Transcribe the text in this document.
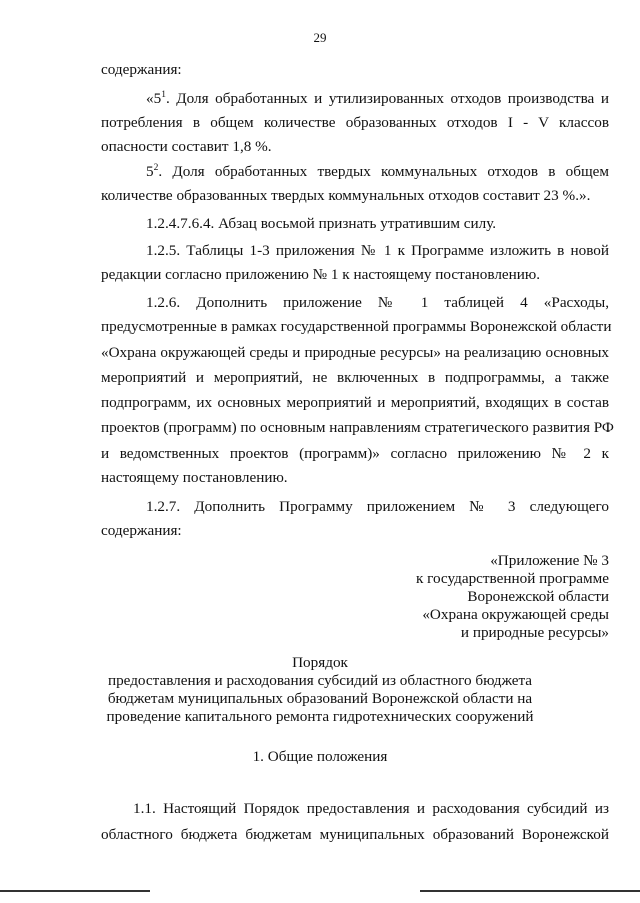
29
содержания:
«$5^1$. Доля обработанных и утилизированных отходов производства и
потребления в общем количестве образованных отходов I - V классов
опасности составит 1,8 %.
$5^2$. Доля обработанных твердых коммунальных отходов в общем
количестве образованных твердых коммунальных отходов составит 23 %.».
1.2.4.7.6.4. Абзац восьмой признать утратившим силу.
1.2.5. Таблицы 1-3 приложения № 1 к Программе изложить в новой
редакции согласно приложению № 1 к настоящему постановлению.
1.2.6. Дополнить приложение № 1 таблицей 4 «Расходы,
предусмотренные в рамках государственной программы Воронежской области
«Охрана окружающей среды и природные ресурсы» на реализацию основных
мероприятий и мероприятий, не включенных в подпрограммы, а также
подпрограмм, их основных мероприятий и мероприятий, входящих в состав
проектов (программ) по основным направлениям стратегического развития РФ
и ведомственных проектов (программ)» согласно приложению № 2 к
настоящему постановлению.
1.2.7. Дополнить Программу приложением № 3 следующего
содержания:
«Приложение № 3
к государственной программе
Воронежской области
«Охрана окружающей среды
и природные ресурсы»
Порядок
предоставления и расходования субсидий из областного бюджета
бюджетам муниципальных образований Воронежской области на
проведение капитального ремонта гидротехнических сооружений
1. Общие положения
1.1. Настоящий Порядок предоставления и расходования субсидий из
областного бюджета бюджетам муниципальных образований Воронежской
